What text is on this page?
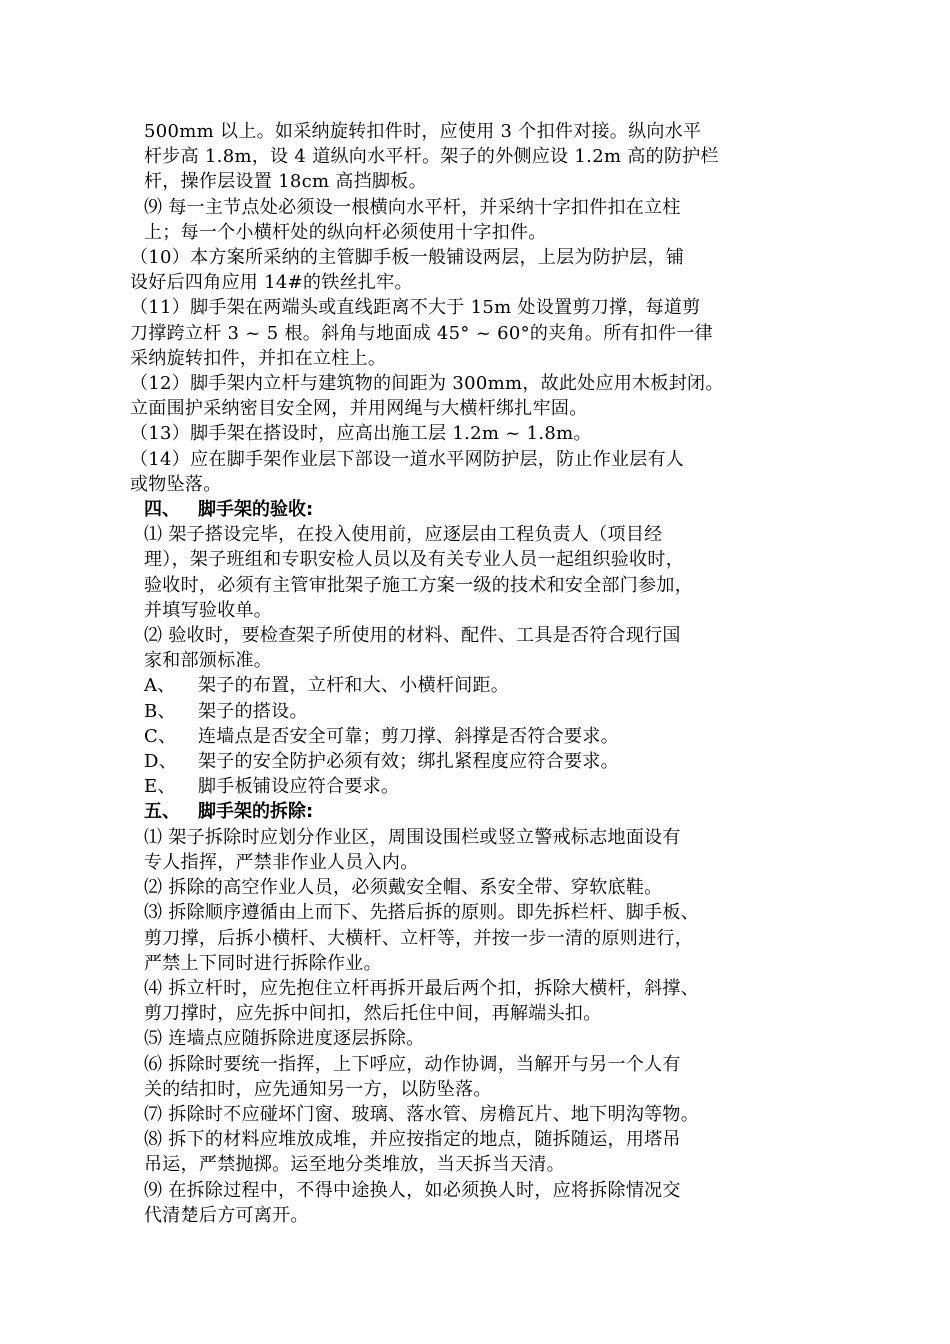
500mm 以上。如采纳旋转扣件时，应使用 3 个扣件对接。纵向水平
杆步高 1.8m，设 4 道纵向水平杆。架子的外侧应设 1.2m 高的防护栏
杆，操作层设置 18cm 高挡脚板。
⑼ 每一主节点处必须设一根横向水平杆，并采纳十字扣件扣在立柱
上；每一个小横杆处的纵向杆必须使用十字扣件。
（10）本方案所采纳的主管脚手板一般铺设两层，上层为防护层，铺
设好后四角应用 14#的铁丝扎牢。
（11）脚手架在两端头或直线距离不大于 15m 处设置剪刀撑，每道剪
刀撑跨立杆 3 ~ 5 根。斜角与地面成 45° ~ 60°的夹角。所有扣件一律
采纳旋转扣件，并扣在立柱上。
（12）脚手架内立杆与建筑物的间距为 300mm，故此处应用木板封闭。
立面围护采纳密目安全网，并用网绳与大横杆绑扎牢固。
（13）脚手架在搭设时，应高出施工层 1.2m ~ 1.8m。
（14）应在脚手架作业层下部设一道水平网防护层，防止作业层有人
或物坠落。
四、 脚手架的验收:
⑴ 架子搭设完毕，在投入使用前，应逐层由工程负责人（项目经
理），架子班组和专职安检人员以及有关专业人员一起组织验收时，
验收时，必须有主管审批架子施工方案一级的技术和安全部门参加，
并填写验收单。
⑵ 验收时，要检查架子所使用的材料、配件、工具是否符合现行国
家和部颁标准。
A、 架子的布置，立杆和大、小横杆间距。
B、 架子的搭设。
C、 连墙点是否安全可靠；剪刀撑、斜撑是否符合要求。
D、 架子的安全防护必须有效；绑扎紧程度应符合要求。
E、 脚手板铺设应符合要求。
五、 脚手架的拆除:
⑴ 架子拆除时应划分作业区，周围设围栏或竖立警戒标志地面设有
专人指挥，严禁非作业人员入内。
⑵ 拆除的高空作业人员，必须戴安全帽、系安全带、穿软底鞋。
⑶ 拆除顺序遵循由上而下、先搭后拆的原则。即先拆栏杆、脚手板、
剪刀撑，后拆小横杆、大横杆、立杆等，并按一步一清的原则进行，
严禁上下同时进行拆除作业。
⑷ 拆立杆时，应先抱住立杆再拆开最后两个扣，拆除大横杆，斜撑、
剪刀撑时，应先拆中间扣，然后托住中间，再解端头扣。
⑸ 连墙点应随拆除进度逐层拆除。
⑹ 拆除时要统一指挥，上下呼应，动作协调，当解开与另一个人有
关的结扣时，应先通知另一方，以防坠落。
⑺ 拆除时不应碰坏门窗、玻璃、落水管、房檐瓦片、地下明沟等物。
⑻ 拆下的材料应堆放成堆，并应按指定的地点，随拆随运，用塔吊
吊运，严禁抛掷。运至地分类堆放，当天拆当天清。
⑼ 在拆除过程中，不得中途换人，如必须换人时，应将拆除情况交
代清楚后方可离开。
